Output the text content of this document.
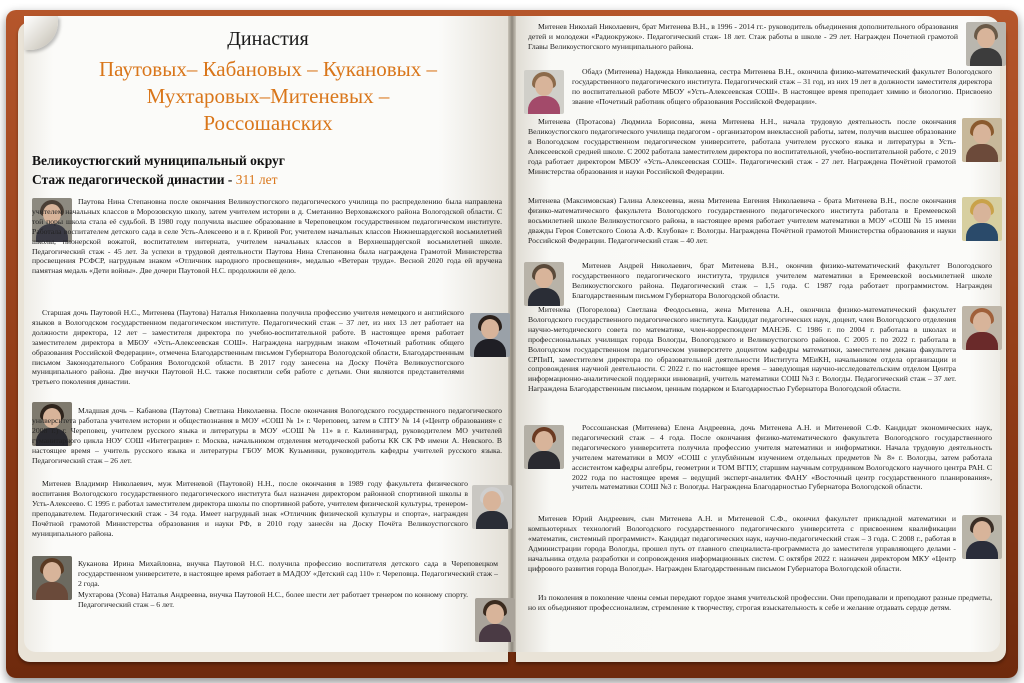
Династия
Паутовых– Кабановых – Кукановых –
Мухтаровых–Митеневых –
Россошанских
Великоустюгский муниципальный округ
Стаж педагогической династии - 311 лет
Паутова Нина Степановна после окончания Великоустюгского педагогического училища по распределению была направлена учителем начальных классов в Морозовскую школу, затем учителем истории в д. Сметанино Верховажского района Вологодской области. С той поры школа стала её судьбой. В 1980 году получила высшее образование в Череповецком государственном педагогическом институте. Работала воспитателем детского сада в селе Усть-Алексеево и в г. Кривой Рог, учителем начальных классов Нижнешардегской восьмилетней школы, пионерской вожатой, воспитателем интерната, учителем начальных классов в Верхнешардегской восьмилетней школе. Педагогический стаж - 45 лет. За успехи в трудовой деятельности Паутова Нина Степановна была награждена Грамотой Министерства просвещения РСФСР, нагрудным знаком «Отличник народного просвещения», медалью «Ветеран труда». Весной 2020 года ей вручена памятная медаль «Дети войны». Две дочери Паутовой Н.С. продолжили её дело.
Старшая дочь Паутовой Н.С., Митенева (Паутова) Наталья Николаевна получила профессию учителя немецкого и английского языков в Вологодском государственном педагогическом институте. Педагогический стаж – 37 лет, из них 13 лет работает на должности директора, 12 лет – заместителя директора по учебно-воспитательной работе. В настоящее время работает заместителем директора в МБОУ «Усть-Алексеевская СОШ». Награждена нагрудным знаком «Почетный работник общего образования Российской Федерации», отмечена Благодарственным письмом Губернатора Вологодской области, Благодарственным письмом Законодательного Собрания Вологодской области. В 2017 году занесена на Доску Почёта Великоустюгского муниципального района. Две внучки Паутовой Н.С. также посвятили себя работе с детьми. Они являются представителями третьего поколения династии.
Младшая дочь – Кабанова (Паутова) Светлана Николаевна. После окончания Вологодского государственного педагогического университета работала учителем истории и обществознания в МОУ «СОШ № 1» г. Череповец, затем в СПТУ № 14 («Центр образования» с 2008 г.) г. Череповец, учителем русского языка и литературы в МОУ «СОШ № 11» в г. Калининград, руководителем МО учителей гуманитарного цикла НОУ СОШ «Интеграция» г. Москва, начальником отделения методической работы КК СК РФ имени А. Невского. В настоящее время – учитель русского языка и литературы ГБОУ МОК Кузьминки, руководитель кафедры учителей русского языка. Педагогический стаж – 26 лет.
Митенев Владимир Николаевич, муж Митеневой (Паутовой) Н.Н., после окончания в 1989 году факультета физического воспитания Вологодского государственного педагогического института был назначен директором районной спортивной школы в Усть-Алексеево. С 1995 г. работал заместителем директора школы по спортивной работе, учителем физической культуры, тренером-преподавателем. Педагогический стаж - 34 года. Имеет нагрудный знак «Отличник физической культуры и спорта», награжден Почётной грамотой Министерства образования и науки РФ, в 2010 году занесён на Доску Почёта Великоустюгского муниципального района.
Куканова Ирина Михайловна, внучка Паутовой Н.С. получила профессию воспитателя детского сада в Череповецком государственном университете, в настоящее время работает в МАДОУ «Детский сад 110» г. Череповца. Педагогический стаж – 2 года.
Мухтарова (Усова) Наталья Андреевна, внучка Паутовой Н.С., более шести лет работает тренером по конному спорту. Педагогический стаж – 6 лет.
Митенев Николай Николаевич, брат Митенева В.Н., в 1996 - 2014 гг.- руководитель объединения дополнительного образования детей и молодежи «Радиокружок». Педагогический стаж- 18 лет. Стаж работы в школе - 29 лет. Награжден Почетной грамотой Главы Великоустюгского муниципального района.
Обадэ (Митенева) Надежда Николаевна, сестра Митенева В.Н., окончила физико-математический факультет Вологодского государственного педагогического института. Педагогический стаж – 31 год, из них 19 лет в должности заместителя директора по воспитательной работе МБОУ «Усть-Алексеевская СОШ». В настоящее время преподает химию и биологию. Присвоено звание «Почетный работник общего образования Российской Федерации».
Митенева (Протасова) Людмила Борисовна, жена Митенева Н.Н., начала трудовую деятельность после окончания Великоустюгского педагогического училища педагогом - организатором внеклассной работы, затем, получив высшее образование в Вологодском государственном педагогическом университете, работала учителем русского языка и литературы в Усть-Алексеевской средней школе. С 2002 работала заместителем директора по воспитательной, учебно-воспитательной работе, с 2019 года работает директором МБОУ «Усть-Алексеевская СОШ». Педагогический стаж - 27 лет. Награждена Почётной грамотой Министерства образования и науки Российской Федерации.
Митенева (Максимовская) Галина Алексеевна, жена Митенева Евгения Николаевича - брата Митенева В.Н., после окончания физико-математического факультета Вологодского государственного педагогического института работала в Еремеевской восьмилетней школе Великоустюгского района, в настоящее время работает учителем математики в МОУ «СОШ № 15 имени дважды Героя Советского Союза А.Ф. Клубова» г. Вологды. Награждена Почётной грамотой Министерства образования и науки Российской Федерации. Педагогический стаж – 40 лет.
Митенев Андрей Николаевич, брат Митенева В.Н., окончив физико-математический факультет Вологодского государственного педагогического института, трудился учителем математики в Еремеевской восьмилетней школе Великоустюгского района. Педагогический стаж – 1,5 года. С 1987 года работает программистом. Награжден Благодарственным письмом Губернатора Вологодской области.
Митенева (Погорелова) Светлана Феодосьевна, жена Митенева А.Н., окончила физико-математический факультет Вологодского государственного педагогического института. Кандидат педагогических наук, доцент, член Вологодского отделения научно-методического совета по математике, член-корреспондент МАНЭБ. С 1986 г. по 2004 г. работала в школах и профессиональных училищах города Вологды, Вологодского и Великоустюгского районов. С 2005 г. по 2022 г. работала в Вологодском государственном педагогическом университете доцентом кафедры математики, заместителем декана факультета СРПиП, заместителем директора по образовательной деятельности Института МЕиКН, начальником отдела организации и сопровождения научной деятельности. С 2022 г. по настоящее время – заведующая научно-исследовательским отделом Центра информационно-аналитической поддержки инноваций, учитель математики СОШ №3 г. Вологды. Педагогический стаж – 37 лет. Награждена Благодарственным письмом, ценным подарком и Благодарностью Губернатора Вологодской области.
Россошанская (Митенева) Елена Андреевна, дочь Митенева А.Н. и Митеневой С.Ф. Кандидат экономических наук, педагогический стаж – 4 года. После окончания физико-математического факультета Вологодского государственного педагогического университета получила профессию учителя математики и информатики. Начала трудовую деятельность учителем математики в МОУ «СОШ с углублённым изучением отдельных предметов № 8» г. Вологды, затем работала ассистентом кафедры алгебры, геометрии и ТОМ ВГПУ, старшим научным сотрудником Вологодского научного центра РАН. С 2022 года по настоящее время – ведущий эксперт-аналитик ФАНУ «Восточный центр государственного планирования», учитель математики СОШ №3 г. Вологды. Награждена Благодарностью Губернатора Вологодской области.
Митенев Юрий Андреевич, сын Митенева А.Н. и Митеневой С.Ф., окончил факультет прикладной математики и компьютерных технологий Вологодского государственного педагогического университета с присвоением квалификации «математик, системный программист». Кандидат педагогических наук, научно-педагогический стаж – 3 года. С 2008 г., работая в Администрации города Вологды, прошел путь от главного специалиста-программиста до заместителя управляющего делами - начальника отдела разработки и сопровождения информационных систем. С октября 2022 г. назначен директором МКУ «Центр цифрового развития города Вологды». Награжден Благодарственным письмом Губернатора Вологодской области.
Из поколения в поколение члены семьи передают гордое знамя учительской профессии. Они преподавали и преподают разные предметы, но их объединяют профессионализм, стремление к творчеству, строгая взыскательность к себе и желание отдавать сердце детям.
